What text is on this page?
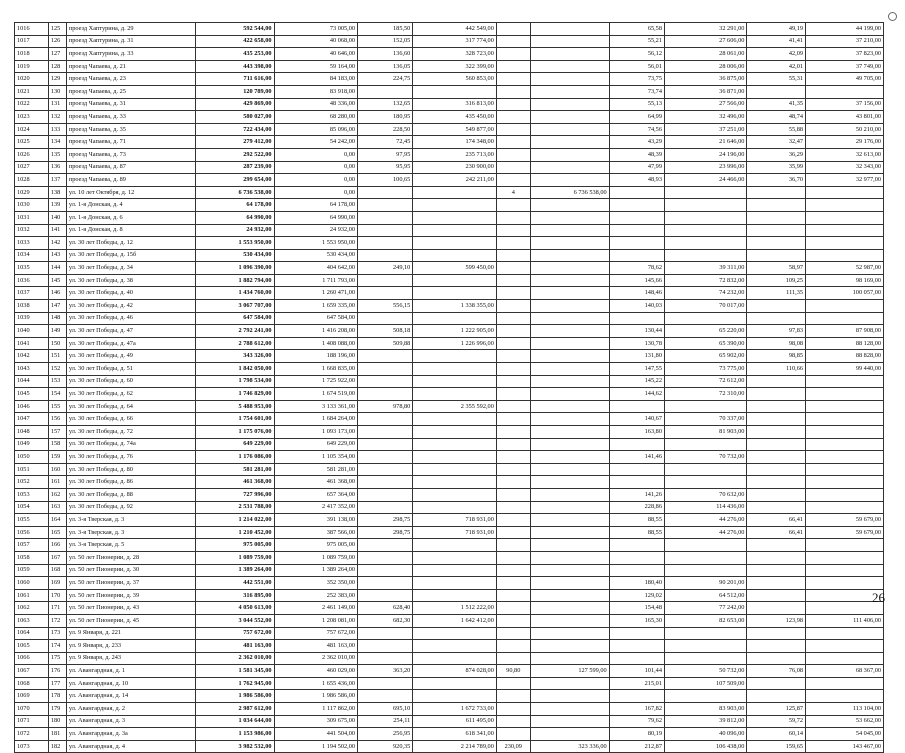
1016	125	проезд Хаптурина, д. 29	592 544,00	73 005,00	185,50	442 549,00			65,58	32 291,00	49,19	44 199,00
1017	126	проезд Хаптурина, д. 31	422 658,00	40 068,00	152,05	317 774,00			55,21	27 606,00	41,41	37 210,00
1018	127	проезд Хаптурина, д. 33	435 253,00	40 646,00	136,60	328 723,00			56,12	28 061,00	42,09	37 823,00
1019	128	проезд Чапаева, д. 21	443 398,00	59 164,00	136,05	322 399,00			56,01	28 006,00	42,01	37 749,00
1020	129	проезд Чапаева, д. 23	711 616,00	84 183,00	224,75	560 853,00			73,75	36 875,00	55,31	49 705,00
1021	130	проезд Чапаева, д. 25	120 789,00	83 918,00					73,74	36 871,00		
1022	131	проезд Чапаева, д. 31	429 869,00	48 336,00	132,65	316 813,00			55,13	27 566,00	41,35	37 156,00
1023	132	проезд Чапаева, д. 33	580 027,00	68 280,00	180,95	435 450,00			64,99	32 496,00	48,74	43 801,00
1024	133	проезд Чапаева, д. 35	722 434,00	85 096,00	228,50	549 877,00			74,56	37 251,00	55,88	50 210,00
1025	134	проезд Чапаева, д. 71	279 412,00	54 242,00	72,45	174 348,00			43,29	21 646,00	32,47	29 176,00
1026	135	проезд Чапаева, д. 73	292 522,00	0,00	97,95	235 713,00			48,39	24 196,00	36,29	32 613,00
1027	136	проезд Чапаева, д. 87	287 239,00	0,00	95,95	230 900,00			47,99	23 996,00	35,99	32 343,00
1028	137	проезд Чапаева, д. 89	299 654,00	0,00	100,65	242 211,00			48,93	24 466,00	36,70	32 977,00
1029	138	ул. 10 лет Октября, д. 12	6 736 538,00	0,00			4	6 736 538,00				
1030	139	ул. 1-я Донская, д. 4	64 178,00	64 178,00								
1031	140	ул. 1-я Донская, д. 6	64 990,00	64 990,00								
1032	141	ул. 1-я Донская, д. 8	24 932,00	24 932,00								
1033	142	ул. 30 лет Победы, д. 12	1 553 950,00	1 553 950,00								
1034	143	ул. 30 лет Победы, д. 15б	530 434,00	530 434,00								
1035	144	ул. 30 лет Победы, д. 34	1 096 390,00	404 642,00	249,10	599 450,00			78,62	39 311,00	58,97	52 987,00
1036	145	ул. 30 лет Победы, д. 38	1 882 794,00	1 711 793,00					145,66	72 832,00	109,25	98 169,00
1037	146	ул. 30 лет Победы, д. 40	1 434 760,00	1 260 471,00					148,46	74 232,00	111,35	100 057,00
1038	147	ул. 30 лет Победы, д. 42	3 067 707,00	1 659 335,00	556,15	1 338 355,00			140,03	70 017,00		
1039	148	ул. 30 лет Победы, д. 46	647 584,00	647 584,00								
1040	149	ул. 30 лет Победы, д. 47	2 792 241,00	1 416 208,00	508,18	1 222 905,00			130,44	65 220,00	97,83	87 908,00
1041	150	ул. 30 лет Победы, д. 47а	2 788 612,00	1 408 088,00	509,88	1 226 996,00			130,78	65 390,00	98,08	88 128,00
1042	151	ул. 30 лет Победы, д. 49	343 326,00	188 196,00					131,80	65 902,00	98,85	88 828,00
1043	152	ул. 30 лет Победы, д. 51	1 842 050,00	1 668 835,00					147,55	73 775,00	110,66	99 440,00
1044	153	ул. 30 лет Победы, д. 60	1 798 534,00	1 725 922,00					145,22	72 612,00		
1045	154	ул. 30 лет Победы, д. 62	1 746 829,00	1 674 519,00					144,62	72 310,00		
1046	155	ул. 30 лет Победы, д. 64	5 488 953,00	3 133 361,00	978,80	2 355 592,00						
1047	156	ул. 30 лет Победы, д. 66	1 754 601,00	1 684 264,00					140,67	70 337,00		
1048	157	ул. 30 лет Победы, д. 72	1 175 076,00	1 093 173,00					163,80	81 903,00		
1049	158	ул. 30 лет Победы, д. 74а	649 229,00	649 229,00								
1050	159	ул. 30 лет Победы, д. 76	1 176 086,00	1 105 354,00					141,46	70 732,00		
1051	160	ул. 30 лет Победы, д. 80	581 281,00	581 281,00								
1052	161	ул. 30 лет Победы, д. 86	461 368,00	461 368,00								
1053	162	ул. 30 лет Победы, д. 88	727 996,00	657 364,00					141,26	70 632,00		
1054	163	ул. 30 лет Победы, д. 92	2 531 788,00	2 417 352,00					228,86	114 436,00		
1055	164	ул. 3-я Тверская, д. 3	1 214 022,00	391 138,00	298,75	718 931,00			88,55	44 276,00	66,41	59 679,00
1056	165	ул. 3-я Тверская, д. 3	1 210 452,00	387 566,00	298,75	718 931,00			88,55	44 276,00	66,41	59 679,00
1057	166	ул. 3-я Тверская, д. 5	975 005,00	975 005,00								
1058	167	ул. 50 лет Пионерии, д. 28	1 089 759,00	1 089 759,00								
1059	168	ул. 50 лет Пионерии, д. 30	1 389 264,00	1 389 264,00								
1060	169	ул. 50 лет Пионерии, д. 37	442 551,00	352 350,00					180,40	90 201,00		
1061	170	ул. 50 лет Пионерии, д. 39	316 895,00	252 383,00					129,02	64 512,00		
1062	171	ул. 50 лет Пионерии, д. 43	4 050 613,00	2 461 149,00	628,40	1 512 222,00			154,48	77 242,00		
1063	172	ул. 50 лет Пионерии, д. 45	3 044 552,00	1 208 081,00	682,30	1 642 412,00			165,30	82 653,00	123,98	111 406,00
1064	173	ул. 9 Января, д. 221	757 672,00	757 672,00								
1065	174	ул. 9 Января, д. 233	481 163,00	481 163,00								
1066	175	ул. 9 Января, д. 243	2 362 010,00	2 362 010,00								
1067	176	ул. Авангардная, д. 1	1 581 345,00	460 029,00	363,20	874 028,00	90,80	127 599,00	101,44	50 732,00	76,08	68 367,00
1068	177	ул. Авангардная, д. 10	1 762 945,00	1 655 436,00					215,01	107 509,00		
1069	178	ул. Авангардная, д. 14	1 986 586,00	1 986 586,00								
1070	179	ул. Авангардная, д. 2	2 987 612,00	1 117 862,00	695,10	1 672 733,00			167,82	83 903,00	125,87	113 104,00
1071	180	ул. Авангардная, д. 3	1 034 644,00	309 675,00	254,11	611 495,00			79,62	39 812,00	59,72	53 662,00
1072	181	ул. Авангардная, д. 3а	1 153 986,00	441 504,00	256,95	618 341,00			80,19	40 096,00	60,14	54 045,00
1073	182	ул. Авангардная, д. 4	3 982 532,00	1 194 502,00	920,35	2 214 789,00	230,09	323 336,00	212,87	106 438,00	159,65	143 467,00
26
